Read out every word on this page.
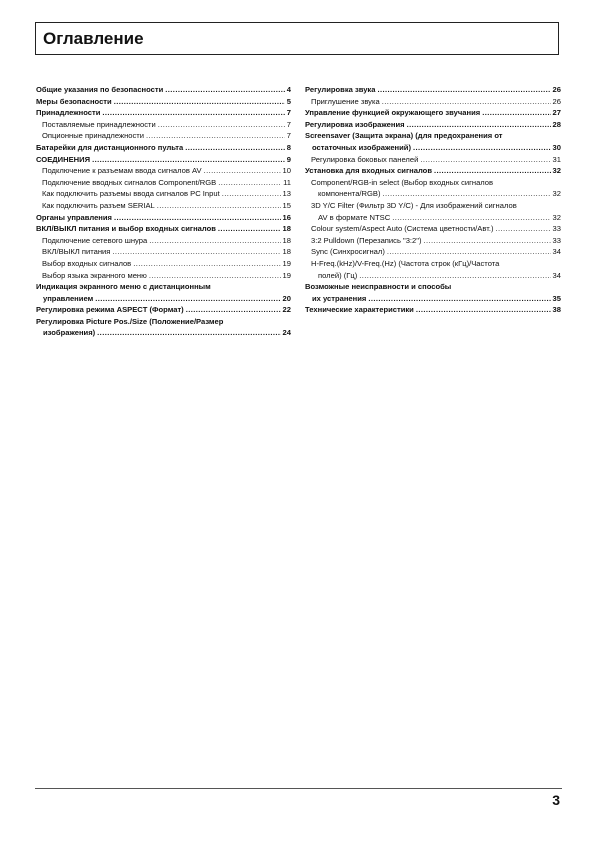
Оглавление
Общие указания по безопасности .....	4
Меры безопасности .....	5
Принадлежности .....	7
Поставляемые принадлежности .....	7
Опционные принадлежности .....	7
Батарейки для дистанционного пульта .....	8
СОЕДИНЕНИЯ .....	9
Подключение к разъемам ввода сигналов AV .....	10
Подключение вводных сигналов Component/RGB .....	11
Как подключить разъемы ввода сигналов PC Input .....	13
Как подключить разъем SERIAL .....	15
Органы управления .....	16
ВКЛ/ВЫКЛ питания и выбор входных сигналов .....	18
Подключение сетевого шнура .....	18
ВКЛ/ВЫКЛ питания .....	18
Выбор входных сигналов .....	19
Выбор языка экранного меню .....	19
Индикация экранного меню с дистанционным
управлением .....	20
Регулировка режима ASPECT (Формат) .....	22
Регулировка Picture Pos./Size (Положение/Размер
изображения) .....	24
Регулировка звука .....	26
Приглушение звука .....	26
Управление функцией окружающего звучания .....	27
Регулировка изображения .....	28
Screensaver (Защита экрана) (для предохранения от
остаточных изображений) .....	30
Регулировка боковых панелей .....	31
Установка для входных сигналов .....	32
Component/RGB-in select (Выбор входных сигналов
компонента/RGB) .....	32
3D Y/C Filter (Фильтр 3D Y/C) - Для изображений сигналов
AV в формате NTSC .....	32
Colour system/Aspect Auto (Система цветности/Авт.) .....	33
3:2 Pulldown (Перезапись "3:2") .....	33
Sync (Синхросигнал) .....	34
H-Freq.(kHz)/V-Freq.(Hz) (Частота строк (кГц)/Частота
полей) (Гц) .....	34
Возможные неисправности и способы
их устранения .....	35
Технические характеристики .....	38
3
